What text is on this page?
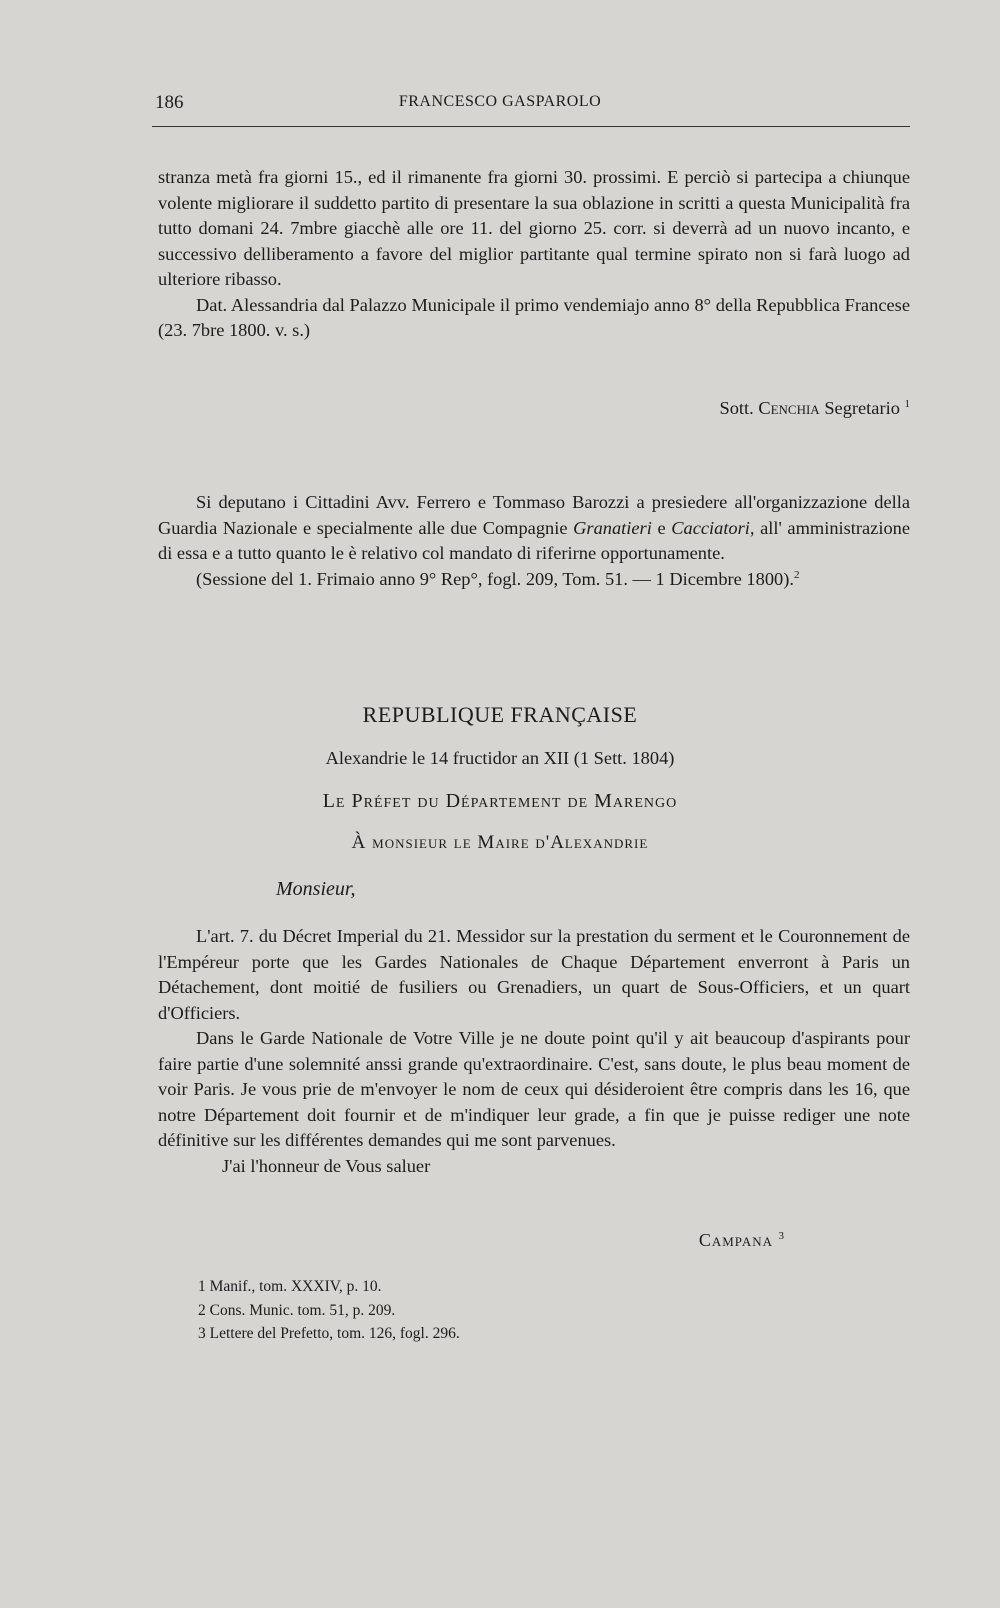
186	FRANCESCO GASPAROLO

stranza metà fra giorni 15., ed il rimanente fra giorni 30. prossimi. E perciò si partecipa a chiunque volente migliorare il suddetto partito di presentare la sua oblazione in scritti a questa Municipalità fra tutto domani 24. 7mbre giacchè alle ore 11. del giorno 25. corr. si deverrà ad un nuovo incanto, e successivo delliberamento a favore del miglior partitante qual termine spirato non si farà luogo ad ulteriore ribasso.

Dat. Alessandria dal Palazzo Municipale il primo vendemiajo anno 8° della Repubblica Francese (23. 7bre 1800. v. s.)

Sott. Cenchia Segretario $^1$

Si deputano i Cittadini Avv. Ferrero e Tommaso Barozzi a presiedere all'organizzazione della Guardia Nazionale e specialmente alle due Compagnie Granatieri e Cacciatori, all' amministrazione di essa e a tutto quanto le è relativo col mandato di riferirne opportunamente.

(Sessione del 1. Frimaio anno 9° Rep°, fogl. 209, Tom. 51. — 1 Dicembre 1800).$^2$

REPUBLIQUE FRANÇAISE
Alexandrie le 14 fructidor an XII (1 Sett. 1804)
Le Préfet du Département de Marengo
À monsieur le Maire d'Alexandrie
Monsieur,

L'art. 7. du Décret Imperial du 21. Messidor sur la prestation du serment et le Couronnement de l'Empéreur porte que les Gardes Nationales de Chaque Département enverront à Paris un Détachement, dont moitié de fusiliers ou Grenadiers, un quart de Sous-Officiers, et un quart d'Officiers.

Dans le Garde Nationale de Votre Ville je ne doute point qu'il y ait beaucoup d'aspirants pour faire partie d'une solemnité anssi grande qu'extraordinaire. C'est, sans doute, le plus beau moment de voir Paris. Je vous prie de m'envoyer le nom de ceux qui désideroient être compris dans les 16, que notre Département doit fournir et de m'indiquer leur grade, a fin que je puisse rediger une note définitive sur les différentes demandes qui me sont parvenues.

J'ai l'honneur de Vous saluer

Campana $^3$
1 Manif., tom. XXXIV, p. 10.
2 Cons. Munic. tom. 51, p. 209.
3 Lettere del Prefetto, tom. 126, fogl. 296.
